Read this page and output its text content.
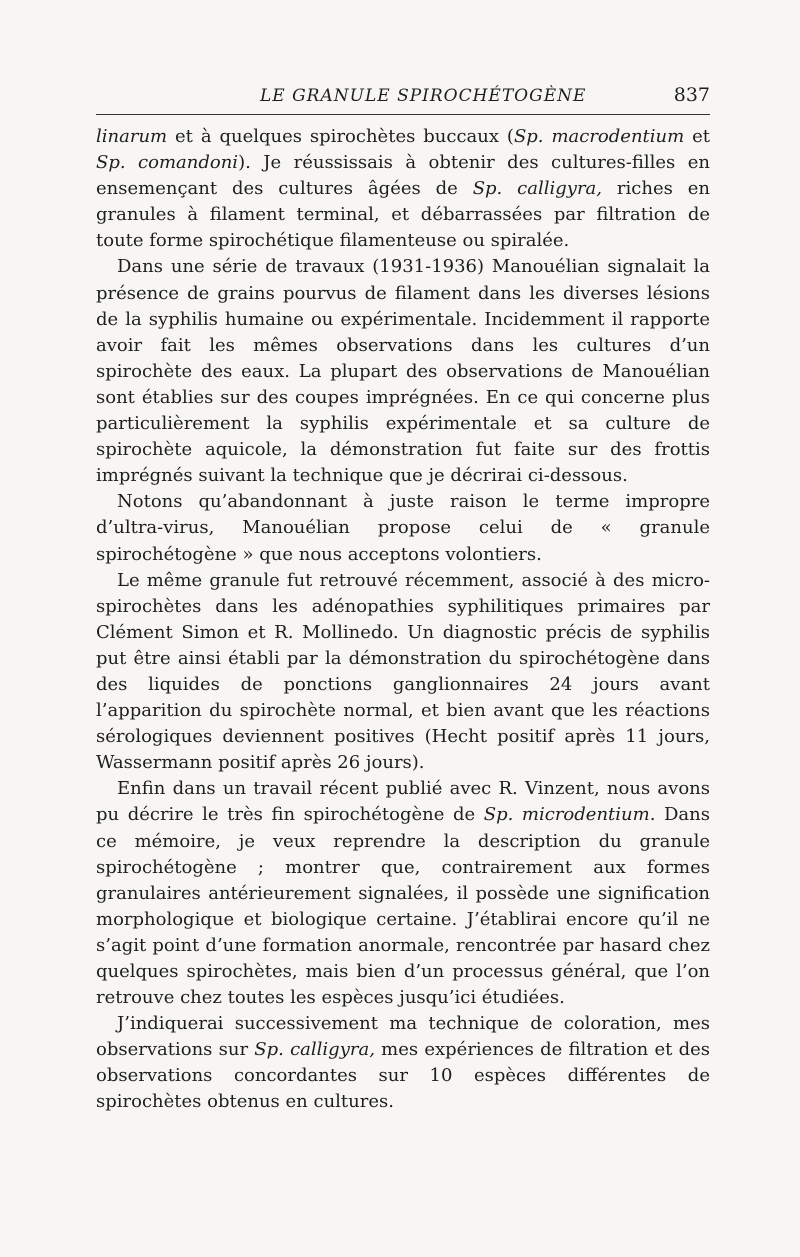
LE GRANULE SPIROCHÉTOGÈNE	837

linarum et à quelques spirochètes buccaux (Sp. macrodentium et Sp. comandoni). Je réussissais à obtenir des cultures-filles en ensemençant des cultures âgées de Sp. calligyra, riches en granules à filament terminal, et débarrassées par filtration de toute forme spirochétique filamenteuse ou spiralée.

Dans une série de travaux (1931-1936) Manouélian signalait la présence de grains pourvus de filament dans les diverses lésions de la syphilis humaine ou expérimentale. Incidemment il rapporte avoir fait les mêmes observations dans les cultures d’un spirochète des eaux. La plupart des observations de Manouélian sont établies sur des coupes imprégnées. En ce qui concerne plus particulièrement la syphilis expérimentale et sa culture de spirochète aquicole, la démonstration fut faite sur des frottis imprégnés suivant la technique que je décrirai ci-dessous.

Notons qu’abandonnant à juste raison le terme impropre d’ultra-virus, Manouélian propose celui de « granule spirochétogène » que nous acceptons volontiers.

Le même granule fut retrouvé récemment, associé à des micro-spirochètes dans les adénopathies syphilitiques primaires par Clément Simon et R. Mollinedo. Un diagnostic précis de syphilis put être ainsi établi par la démonstration du spirochétogène dans des liquides de ponctions ganglionnaires 24 jours avant l’apparition du spirochète normal, et bien avant que les réactions sérologiques deviennent positives (Hecht positif après 11 jours, Wassermann positif après 26 jours).

Enfin dans un travail récent publié avec R. Vinzent, nous avons pu décrire le très fin spirochétogène de Sp. microdentium. Dans ce mémoire, je veux reprendre la description du granule spirochétogène ; montrer que, contrairement aux formes granulaires antérieurement signalées, il possède une signification morphologique et biologique certaine. J’établirai encore qu’il ne s’agit point d’une formation anormale, rencontrée par hasard chez quelques spirochètes, mais bien d’un processus général, que l’on retrouve chez toutes les espèces jusqu’ici étudiées.

J’indiquerai successivement ma technique de coloration, mes observations sur Sp. calligyra, mes expériences de filtration et des observations concordantes sur 10 espèces différentes de spirochètes obtenus en cultures.
